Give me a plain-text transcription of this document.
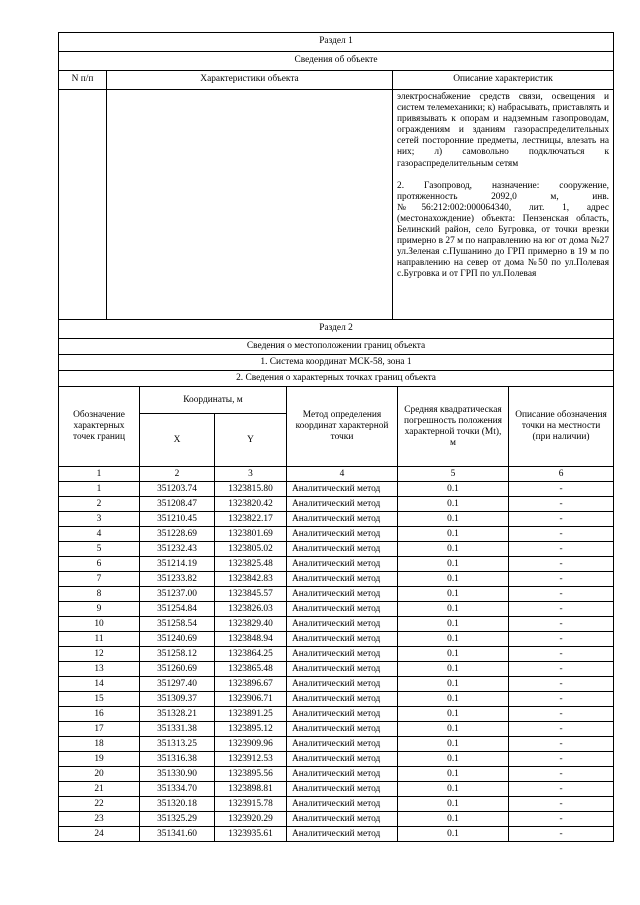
Раздел 1		
Сведения об объекте		
N п/п	Характеристики объекта	Описание характеристик

		электроснабжение средств связи, освещения и систем телемеханики; к) набрасывать, приставлять и привязывать к опорам и надземным газопроводам, ограждениям и зданиям газораспределительных сетей посторонние предметы, лестницы, влезать на них; л) самовольно подключаться к газораспределительным сетям

2. Газопровод, назначение: сооружение, протяженность 2092,0 м, инв.№56:212:002:000064340, лит. 1, адрес (местонахождение) объекта: Пензенская область, Белинский район, село Бугровка, от точки врезки примерно в 27 м по направлению на юг от дома №27 ул.Зеленая с.Пушанино до ГРП примерно в 19 м по направлению на север от дома №50 по ул.Полевая с.Бугровка и от ГРП по ул.Полевая

Раздел 2					
Сведения о местоположении границ объекта					
1. Система координат МСК-58, зона 1					
2. Сведения о характерных точках границ объекта					
Обозначение характерных точек границ	Координаты, м		Метод определения координат характерной точки	Средняя квадратическая погрешность положения характерной точки (Mt), м	Описание обозначения точки на местности (при наличии)
	X	Y			
1	2	3	4	5	6
1	351203.74	1323815.80	Аналитический метод	0.1	-
2	351208.47	1323820.42	Аналитический метод	0.1	-
3	351210.45	1323822.17	Аналитический метод	0.1	-
4	351228.69	1323801.69	Аналитический метод	0.1	-
5	351232.43	1323805.02	Аналитический метод	0.1	-
6	351214.19	1323825.48	Аналитический метод	0.1	-
7	351233.82	1323842.83	Аналитический метод	0.1	-
8	351237.00	1323845.57	Аналитический метод	0.1	-
9	351254.84	1323826.03	Аналитический метод	0.1	-
10	351258.54	1323829.40	Аналитический метод	0.1	-
11	351240.69	1323848.94	Аналитический метод	0.1	-
12	351258.12	1323864.25	Аналитический метод	0.1	-
13	351260.69	1323865.48	Аналитический метод	0.1	-
14	351297.40	1323896.67	Аналитический метод	0.1	-
15	351309.37	1323906.71	Аналитический метод	0.1	-
16	351328.21	1323891.25	Аналитический метод	0.1	-
17	351331.38	1323895.12	Аналитический метод	0.1	-
18	351313.25	1323909.96	Аналитический метод	0.1	-
19	351316.38	1323912.53	Аналитический метод	0.1	-
20	351330.90	1323895.56	Аналитический метод	0.1	-
21	351334.70	1323898.81	Аналитический метод	0.1	-
22	351320.18	1323915.78	Аналитический метод	0.1	-
23	351325.29	1323920.29	Аналитический метод	0.1	-
24	351341.60	1323935.61	Аналитический метод	0.1	-
